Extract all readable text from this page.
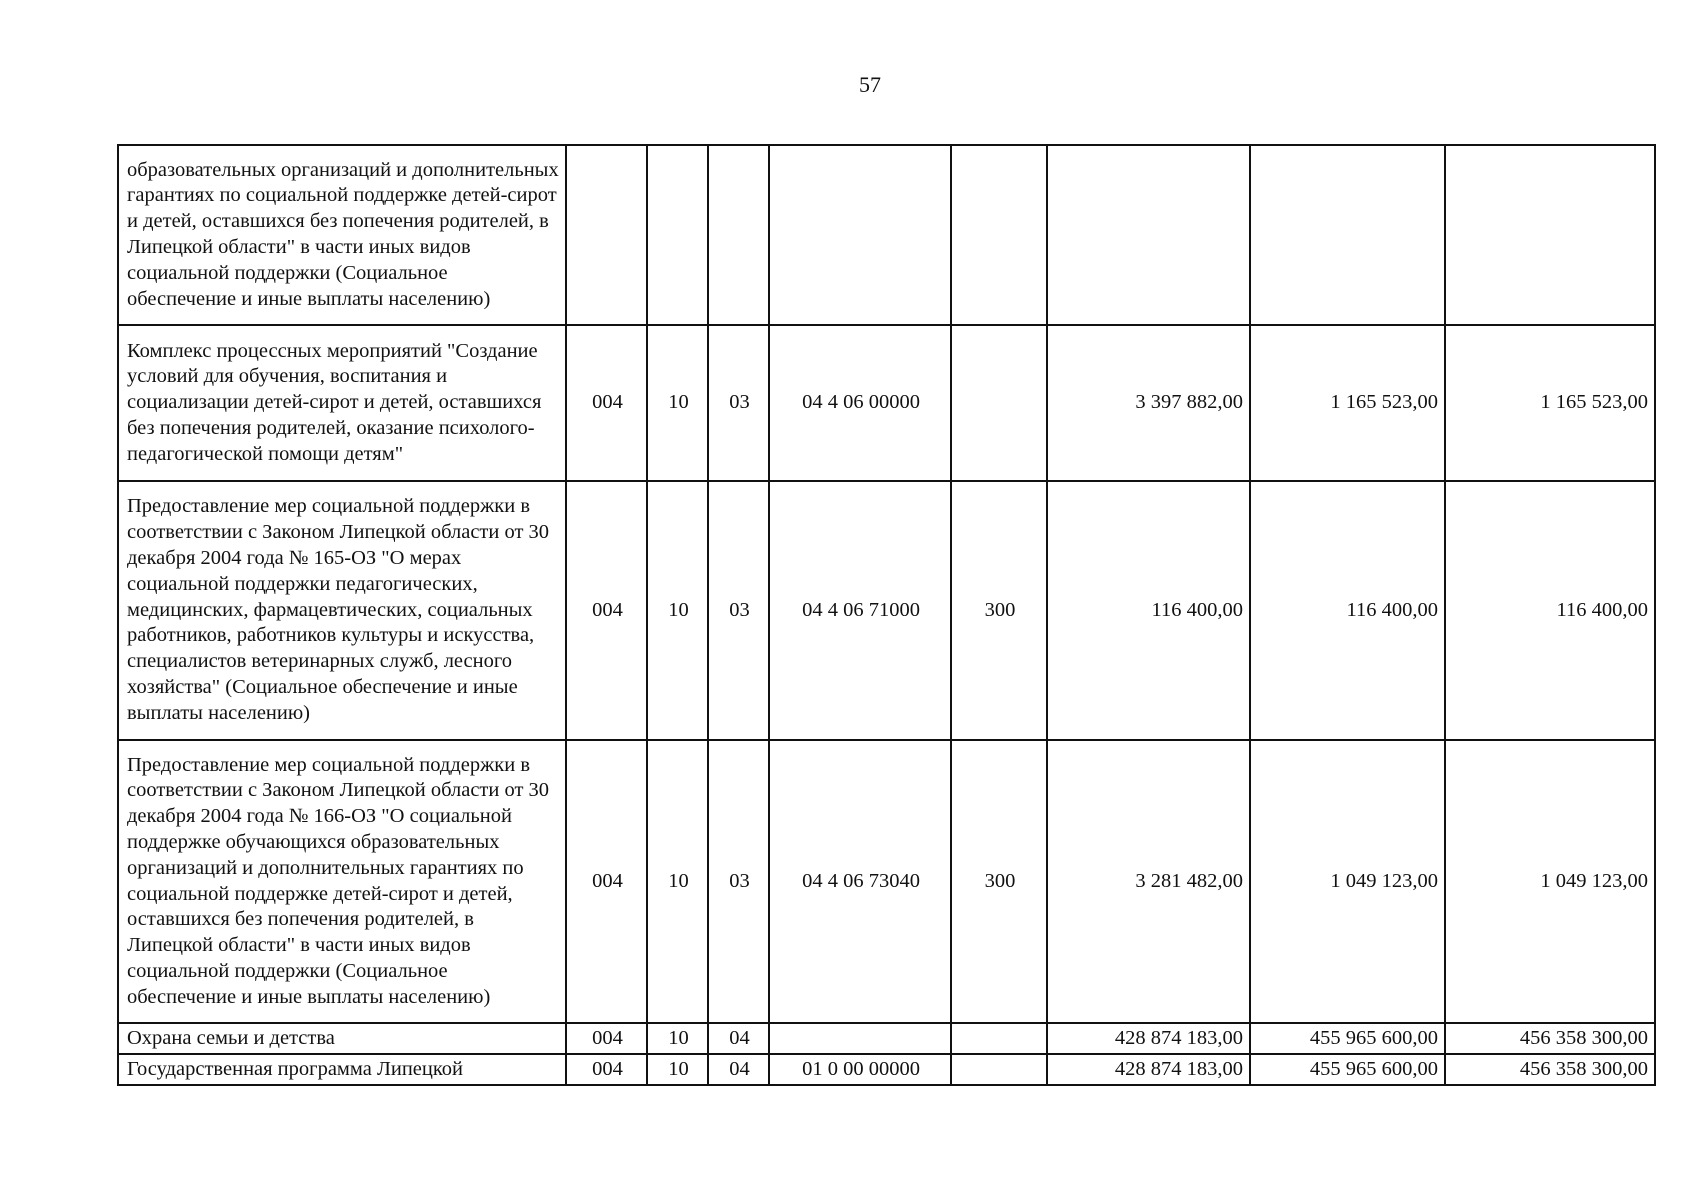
57
образовательных организаций и дополнительных гарантиях по социальной поддержке детей-сирот и детей, оставшихся без попечения родителей, в Липецкой области" в части иных видов социальной поддержки (Социальное обеспечение и иные выплаты населению)								
Комплекс процессных мероприятий "Создание условий для обучения, воспитания и социализации детей-сирот и детей, оставшихся без попечения родителей, оказание психолого-педагогической помощи детям"	004	10	03	04 4 06 00000		3 397 882,00	1 165 523,00	1 165 523,00
Предоставление мер социальной поддержки в соответствии с Законом Липецкой области от 30 декабря 2004 года № 165-ОЗ "О мерах социальной поддержки педагогических, медицинских, фармацевтических, социальных работников, работников культуры и искусства, специалистов ветеринарных служб, лесного хозяйства" (Социальное обеспечение и иные выплаты населению)	004	10	03	04 4 06 71000	300	116 400,00	116 400,00	116 400,00
Предоставление мер социальной поддержки в соответствии с Законом Липецкой области от 30 декабря 2004 года № 166-ОЗ "О социальной поддержке обучающихся образовательных организаций и дополнительных гарантиях по социальной поддержке детей-сирот и детей, оставшихся без попечения родителей, в Липецкой области" в части иных видов социальной поддержки (Социальное обеспечение и иные выплаты населению)	004	10	03	04 4 06 73040	300	3 281 482,00	1 049 123,00	1 049 123,00
Охрана семьи и детства	004	10	04			428 874 183,00	455 965 600,00	456 358 300,00
Государственная программа Липецкой	004	10	04	01 0 00 00000		428 874 183,00	455 965 600,00	456 358 300,00
